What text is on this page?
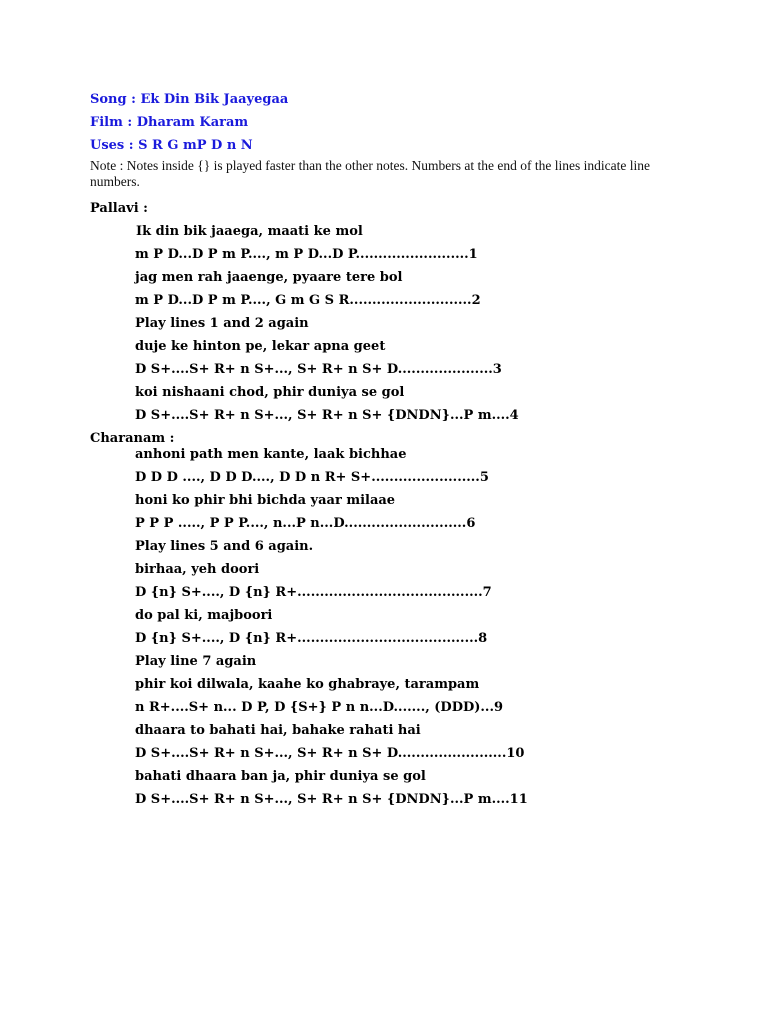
Song : Ek Din Bik Jaayegaa
Film : Dharam Karam
Uses : S R G mP D n N
Note : Notes inside {} is played faster than the other notes. Numbers at the end of the lines indicate line numbers.
Pallavi :
Ik din bik jaaega, maati ke mol
m P D...D P m P...., m P D...D P.........................1
jag men rah jaaenge, pyaare tere bol
m P D...D P m P...., G m G S R...........................2
Play lines 1 and 2 again
duje ke hinton pe, lekar apna geet
D S+....S+ R+ n S+..., S+ R+ n S+ D.....................3
koi nishaani chod, phir duniya se gol
D S+....S+ R+ n S+..., S+ R+ n S+ {DNDN}...P m....4
Charanam :
anhoni path men kante, laak bichhae
D D D ...., D D D...., D D n R+ S+........................5
honi ko phir bhi bichda yaar milaae
P P P ....., P P P...., n...P n...D...........................6
Play lines 5 and 6 again.
birhaa, yeh doori
D {n} S+...., D {n} R+.........................................7
do pal ki, majboori
D {n} S+...., D {n} R+........................................8
Play line 7 again
phir koi dilwala, kaahe ko ghabraye, tarampam
n R+....S+ n... D P, D {S+} P n n...D......., (DDD)...9
dhaara to bahati hai, bahake rahati hai
D S+....S+ R+ n S+..., S+ R+ n S+ D........................10
bahati dhaara ban ja, phir duniya se gol
D S+....S+ R+ n S+..., S+ R+ n S+ {DNDN}...P m....11
